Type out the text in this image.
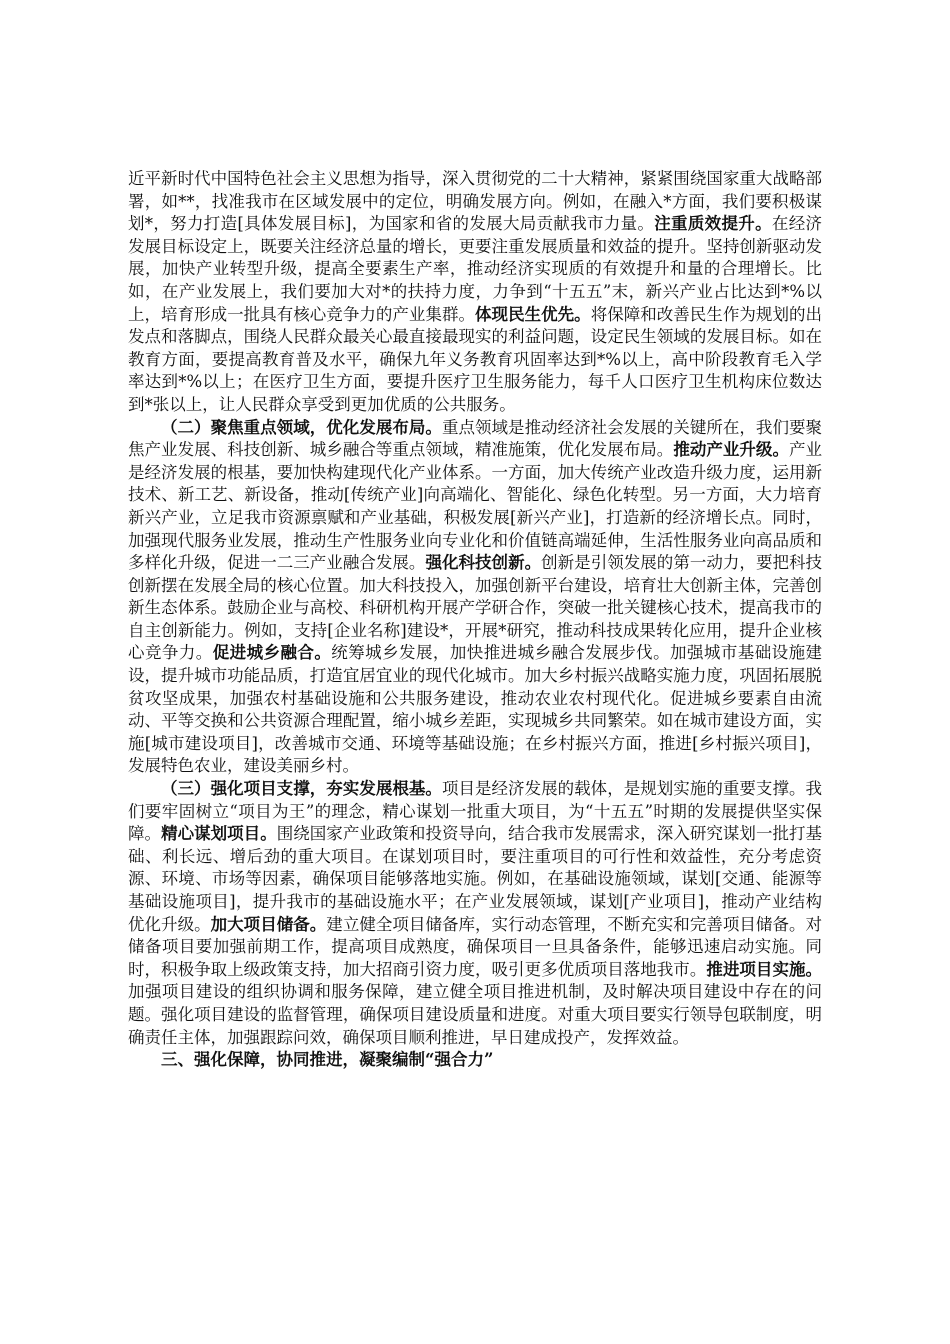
近平新时代中国特色社会主义思想为指导，深入贯彻党的二十大精神，紧紧围绕国家重大战略部署，如**，找准我市在区域发展中的定位，明确发展方向。例如，在融入*方面，我们要积极谋划*，努力打造[具体发展目标]，为国家和省的发展大局贡献我市力量。注重质效提升。在经济发展目标设定上，既要关注经济总量的增长，更要注重发展质量和效益的提升。坚持创新驱动发展，加快产业转型升级，提高全要素生产率，推动经济实现质的有效提升和量的合理增长。比如，在产业发展上，我们要加大对*的扶持力度，力争到“十五五”末，新兴产业占比达到*%以上，培育形成一批具有核心竞争力的产业集群。体现民生优先。将保障和改善民生作为规划的出发点和落脚点，围绕人民群众最关心最直接最现实的利益问题，设定民生领域的发展目标。如在教育方面，要提高教育普及水平，确保九年义务教育巩固率达到*%以上，高中阶段教育毛入学率达到*%以上；在医疗卫生方面，要提升医疗卫生服务能力，每千人口医疗卫生机构床位数达到*张以上，让人民群众享受到更加优质的公共服务。

（二）聚焦重点领域，优化发展布局。重点领域是推动经济社会发展的关键所在，我们要聚焦产业发展、科技创新、城乡融合等重点领域，精准施策，优化发展布局。推动产业升级。产业是经济发展的根基，要加快构建现代化产业体系。一方面，加大传统产业改造升级力度，运用新技术、新工艺、新设备，推动[传统产业]向高端化、智能化、绿色化转型。另一方面，大力培育新兴产业，立足我市资源禀赋和产业基础，积极发展[新兴产业]，打造新的经济增长点。同时，加强现代服务业发展，推动生产性服务业向专业化和价值链高端延伸，生活性服务业向高品质和多样化升级，促进一二三产业融合发展。强化科技创新。创新是引领发展的第一动力，要把科技创新摆在发展全局的核心位置。加大科技投入，加强创新平台建设，培育壮大创新主体，完善创新生态体系。鼓励企业与高校、科研机构开展产学研合作，突破一批关键核心技术，提高我市的自主创新能力。例如，支持[企业名称]建设*，开展*研究，推动科技成果转化应用，提升企业核心竞争力。促进城乡融合。统筹城乡发展，加快推进城乡融合发展步伐。加强城市基础设施建设，提升城市功能品质，打造宜居宜业的现代化城市。加大乡村振兴战略实施力度，巩固拓展脱贫攻坚成果，加强农村基础设施和公共服务建设，推动农业农村现代化。促进城乡要素自由流动、平等交换和公共资源合理配置，缩小城乡差距，实现城乡共同繁荣。如在城市建设方面，实施[城市建设项目]，改善城市交通、环境等基础设施；在乡村振兴方面，推进[乡村振兴项目]，发展特色农业，建设美丽乡村。

（三）强化项目支撑，夯实发展根基。项目是经济发展的载体，是规划实施的重要支撑。我们要牢固树立“项目为王”的理念，精心谋划一批重大项目，为“十五五”时期的发展提供坚实保障。精心谋划项目。围绕国家产业政策和投资导向，结合我市发展需求，深入研究谋划一批打基础、利长远、增后劲的重大项目。在谋划项目时，要注重项目的可行性和效益性，充分考虑资源、环境、市场等因素，确保项目能够落地实施。例如，在基础设施领域，谋划[交通、能源等基础设施项目]，提升我市的基础设施水平；在产业发展领域，谋划[产业项目]，推动产业结构优化升级。加大项目储备。建立健全项目储备库，实行动态管理，不断充实和完善项目储备。对储备项目要加强前期工作，提高项目成熟度，确保项目一旦具备条件，能够迅速启动实施。同时，积极争取上级政策支持，加大招商引资力度，吸引更多优质项目落地我市。推进项目实施。加强项目建设的组织协调和服务保障，建立健全项目推进机制，及时解决项目建设中存在的问题。强化项目建设的监督管理，确保项目建设质量和进度。对重大项目要实行领导包联制度，明确责任主体，加强跟踪问效，确保项目顺利推进，早日建成投产，发挥效益。

三、强化保障，协同推进，凝聚编制“强合力”
